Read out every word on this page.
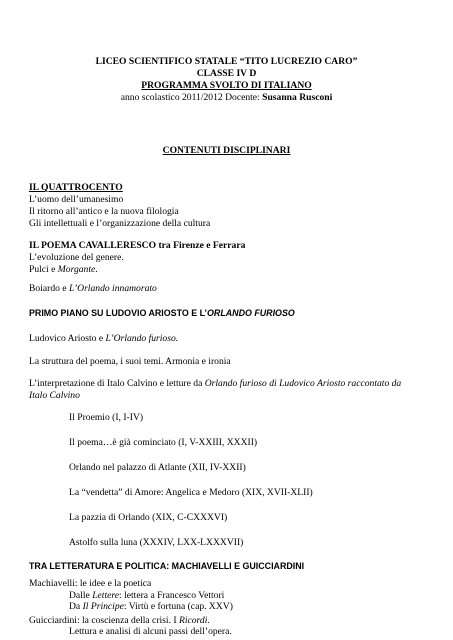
LICEO SCIENTIFICO STATALE “TITO LUCREZIO CARO”
CLASSE IV D
PROGRAMMA SVOLTO DI ITALIANO
anno scolastico 2011/2012 Docente: Susanna Rusconi
CONTENUTI DISCIPLINARI
IL QUATTROCENTO
L’uomo dell’umanesimo
Il ritorno all’antico e la nuova filologia
Gli intellettuali e l’organizzazione della cultura
IL POEMA CAVALLERESCO tra Firenze e Ferrara
L’evoluzione del genere.
Pulci e Morgante.
Boiardo e L’Orlando innamorato
PRIMO PIANO SU LUDOVIO ARIOSTO E L’ORLANDO FURIOSO
Ludovico Ariosto e L’Orlando furioso.
La struttura del poema, i suoi temi. Armonia e ironia
L’interpretazione di Italo Calvino e letture da Orlando furioso di Ludovico Ariosto raccontato da
Italo Calvino
Il Proemio (I, I-IV)
Il poema…è già cominciato (I, V-XXIII, XXXII)
Orlando nel palazzo di Atlante (XII, IV-XXII)
La “vendetta” di Amore: Angelica e Medoro (XIX, XVII-XLII)
La pazzia di Orlando (XIX, C-CXXXVI)
Astolfo sulla luna (XXXIV, LXX-LXXXVII)
TRA LETTERATURA E POLITICA: MACHIAVELLI E GUICCIARDINI
Machiavelli: le idee e la poetica
Dalle Lettere: lettera a Francesco Vettori
Da Il Principe: Virtù e fortuna (cap. XXV)
Guicciardini: la coscienza della crisi. I Ricordi.
Lettura e analisi di alcuni passi dell’opera.
